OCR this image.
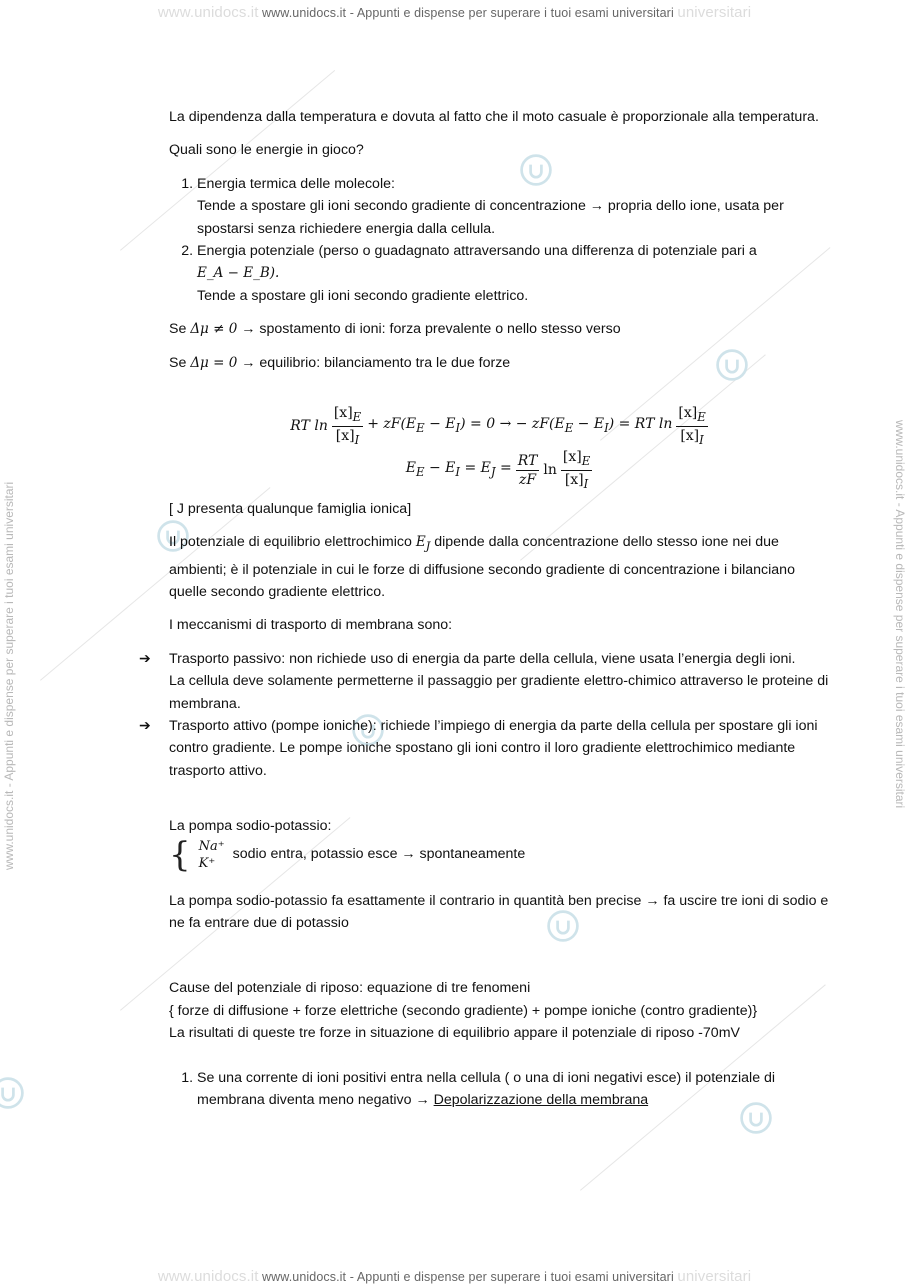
www.unidocs.it www.unidocs.it - Appunti e dispense per superare i tuoi esami universitari universitari
www.unidocs.it www.unidocs.it - Appunti e dispense per superare i tuoi esami universitari universitari
www.unidocs.it - Appunti e dispense per superare i tuoi esami universitari	www.unidocs.it - Appunti e dispense per superare i tuoi esami universitari

La dipendenza dalla temperatura e dovuta al fatto che il moto casuale è proporzionale alla temperatura.

Quali sono le energie in gioco?

1. Energia termica delle molecole:
Tende a spostare gli ioni secondo gradiente di concentrazione → propria dello ione, usata per spostarsi senza richiedere energia dalla cellula.
2. Energia potenziale (perso o guadagnato attraversando una differenza di potenziale pari a
E_A − E_B).
Tende a spostare gli ioni secondo gradiente elettrico.

Se Δμ ≠ 0 → spostamento di ioni: forza prevalente o nello stesso verso

Se Δμ = 0 → equilibrio: bilanciamento tra le due forze

RT $\ln \frac{[x]_E}{[x]_I} + zF(E_E - E_I) = 0$ → − $zF(E_E - E_I)$ = RT $\ln \frac{[x]_E}{[x]_I}$
$E_E - E_I = E_J = \frac{RT}{zF}$ $\ln \frac{[x]_E}{[x]_I}$

[ J presenta qualunque famiglia ionica]

Il potenziale di equilibrio elettrochimico $E_J$ dipende dalla concentrazione dello stesso ione nei due ambienti; è il potenziale in cui le forze di diffusione secondo gradiente di concentrazione i bilanciano quelle secondo gradiente elettrico.

I meccanismi di trasporto di membrana sono:

➔ Trasporto passivo: non richiede uso di energia da parte della cellula, viene usata l’energia degli ioni.
La cellula deve solamente permetterne il passaggio per gradiente elettro-chimico attraverso le proteine di membrana.
➔ Trasporto attivo (pompe ioniche): richiede l’impiego di energia da parte della cellula per spostare gli ioni contro gradiente. Le pompe ioniche spostano gli ioni contro il loro gradiente elettrochimico mediante trasporto attivo.

La pompa sodio-potassio:

{ Na⁺
K⁺
sodio entra, potassio esce → spontaneamente

La pompa sodio-potassio fa esattamente il contrario in quantità ben precise → fa uscire tre ioni di sodio e ne fa entrare due di potassio

Cause del potenziale di riposo: equazione di tre fenomeni
{ forze di diffusione + forze elettriche (secondo gradiente) + pompe ioniche (contro gradiente)}
La risultati di queste tre forze in situazione di equilibrio appare il potenziale di riposo -70mV
1. Se una corrente di ioni positivi entra nella cellula ( o una di ioni negativi esce) il potenziale di membrana diventa meno negativo → Depolarizzazione della membrana
